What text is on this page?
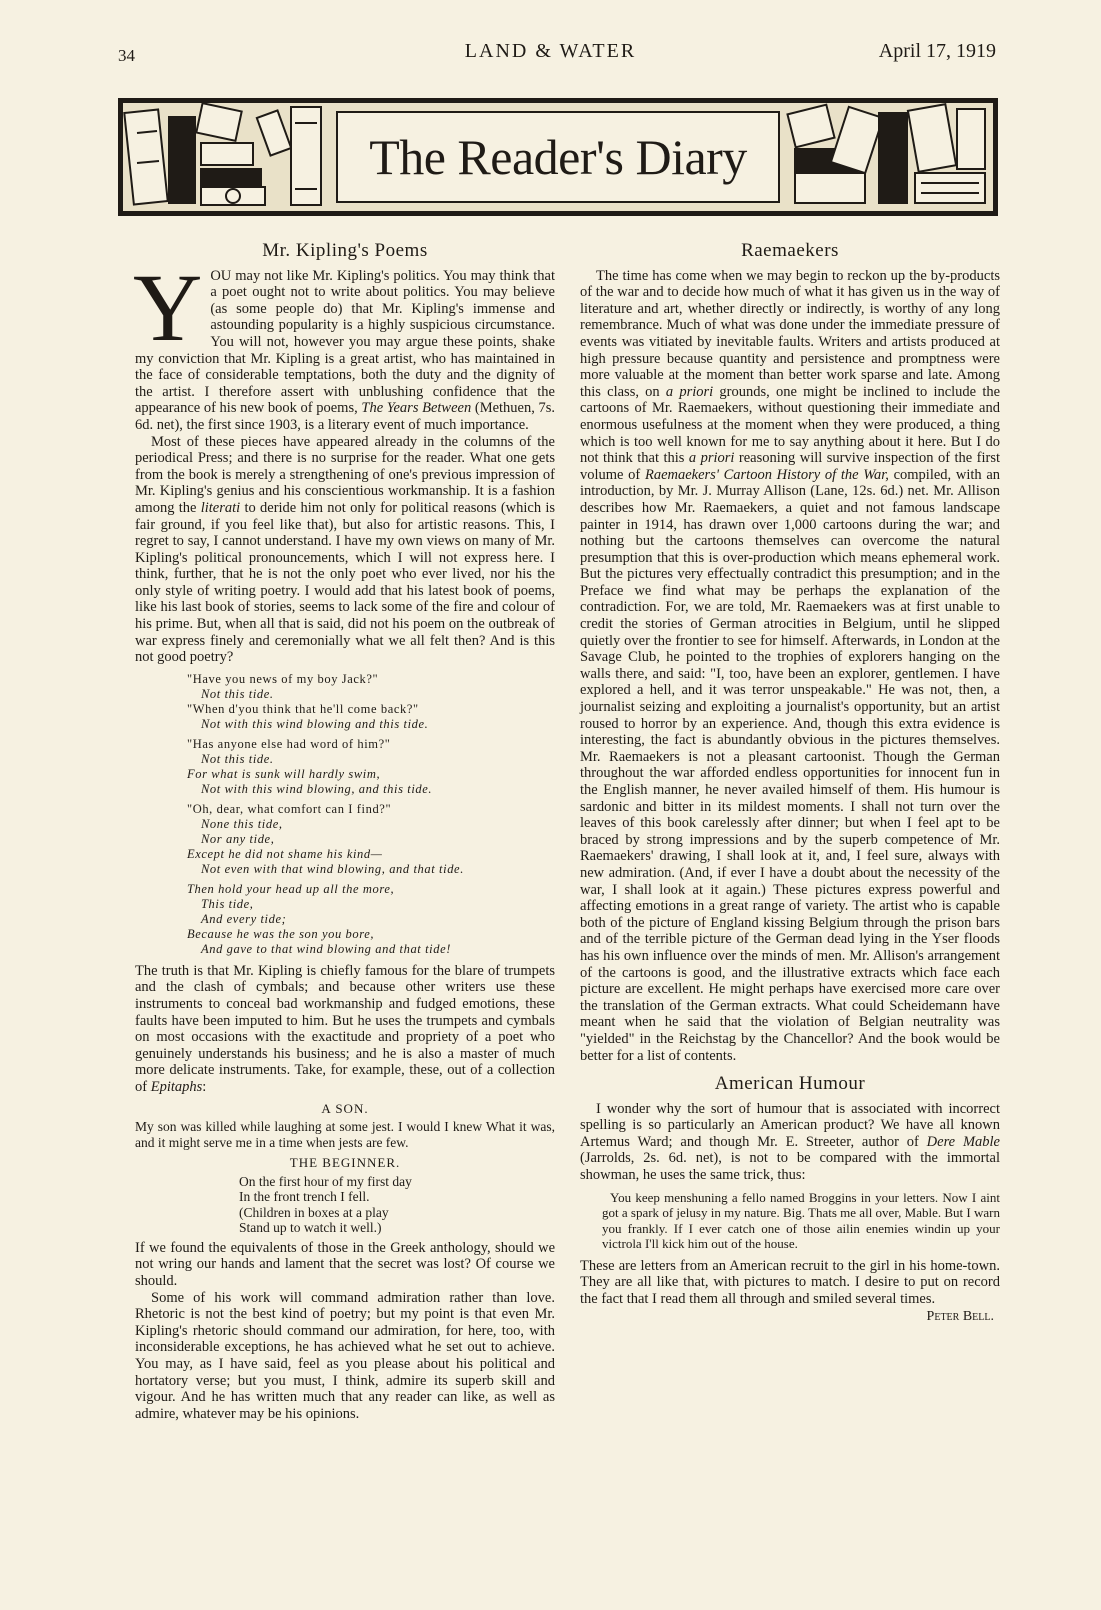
34	LAND & WATER	April 17, 1919
The Reader's Diary
Mr. Kipling's Poems
Y OU may not like Mr. Kipling's politics. You may think that a poet ought not to write about politics. You may believe (as some people do) that Mr. Kipling's immense and astounding popularity is a highly suspicious circumstance. You will not, however you may argue these points, shake my conviction that Mr. Kipling is a great artist, who has maintained in the face of considerable temptations, both the duty and the dignity of the artist. I therefore assert with unblushing confidence that the appearance of his new book of poems, The Years Between (Methuen, 7s. 6d. net), the first since 1903, is a literary event of much importance.

Most of these pieces have appeared already in the columns of the periodical Press; and there is no surprise for the reader. What one gets from the book is merely a strengthening of one's previous impression of Mr. Kipling's genius and his conscientious workmanship. It is a fashion among the literati to deride him not only for political reasons (which is fair ground, if you feel like that), but also for artistic reasons. This, I regret to say, I cannot understand. I have my own views on many of Mr. Kipling's political pronouncements, which I will not express here. I think, further, that he is not the only poet who ever lived, nor his the only style of writing poetry. I would add that his latest book of poems, like his last book of stories, seems to lack some of the fire and colour of his prime. But, when all that is said, did not his poem on the outbreak of war express finely and ceremonially what we all felt then? And is this not good poetry?

"Have you news of my boy Jack?"
Not this tide.
"When d'you think that he'll come back?"
Not with this wind blowing and this tide.
"Has anyone else had word of him?"
Not this tide.
For what is sunk will hardly swim,
Not with this wind blowing, and this tide.
"Oh, dear, what comfort can I find?"
None this tide,
Nor any tide,
Except he did not shame his kind—
Not even with that wind blowing, and that tide.
Then hold your head up all the more,
This tide,
And every tide;
Because he was the son you bore,
And gave to that wind blowing and that tide!

The truth is that Mr. Kipling is chiefly famous for the blare of trumpets and the clash of cymbals; and because other writers use these instruments to conceal bad workmanship and fudged emotions, these faults have been imputed to him. But he uses the trumpets and cymbals on most occasions with the exactitude and propriety of a poet who genuinely understands his business; and he is also a master of much more delicate instruments. Take, for example, these, out of a collection of Epitaphs:

A SON.

My son was killed while laughing at some jest. I would I knew What it was, and it might serve me in a time when jests are few.

THE BEGINNER.
On the first hour of my first day
In the front trench I fell.
(Children in boxes at a play
Stand up to watch it well.)

If we found the equivalents of those in the Greek anthology, should we not wring our hands and lament that the secret was lost? Of course we should.

Some of his work will command admiration rather than love. Rhetoric is not the best kind of poetry; but my point is that even Mr. Kipling's rhetoric should command our admiration, for here, too, with inconsiderable exceptions, he has achieved what he set out to achieve. You may, as I have said, feel as you please about his political and hortatory verse; but you must, I think, admire its superb skill and vigour. And he has written much that any reader can like, as well as admire, whatever may be his opinions.

Raemaekers

The time has come when we may begin to reckon up the by-products of the war and to decide how much of what it has given us in the way of literature and art, whether directly or indirectly, is worthy of any long remembrance. Much of what was done under the immediate pressure of events was vitiated by inevitable faults. Writers and artists produced at high pressure because quantity and persistence and promptness were more valuable at the moment than better work sparse and late. Among this class, on a priori grounds, one might be inclined to include the cartoons of Mr. Raemaekers, without questioning their immediate and enormous usefulness at the moment when they were produced, a thing which is too well known for me to say anything about it here. But I do not think that this a priori reasoning will survive inspection of the first volume of Raemaekers' Cartoon History of the War, compiled, with an introduction, by Mr. J. Murray Allison (Lane, 12s. 6d.) net. Mr. Allison describes how Mr. Raemaekers, a quiet and not famous landscape painter in 1914, has drawn over 1,000 cartoons during the war; and nothing but the cartoons themselves can overcome the natural presumption that this is over-production which means ephemeral work. But the pictures very effectually contradict this presumption; and in the Preface we find what may be perhaps the explanation of the contradiction. For, we are told, Mr. Raemaekers was at first unable to credit the stories of German atrocities in Belgium, until he slipped quietly over the frontier to see for himself. Afterwards, in London at the Savage Club, he pointed to the trophies of explorers hanging on the walls there, and said: "I, too, have been an explorer, gentlemen. I have explored a hell, and it was terror unspeakable." He was not, then, a journalist seizing and exploiting a journalist's opportunity, but an artist roused to horror by an experience. And, though this extra evidence is interesting, the fact is abundantly obvious in the pictures themselves. Mr. Raemaekers is not a pleasant cartoonist. Though the German throughout the war afforded endless opportunities for innocent fun in the English manner, he never availed himself of them. His humour is sardonic and bitter in its mildest moments. I shall not turn over the leaves of this book carelessly after dinner; but when I feel apt to be braced by strong impressions and by the superb competence of Mr. Raemaekers' drawing, I shall look at it, and, I feel sure, always with new admiration. (And, if ever I have a doubt about the necessity of the war, I shall look at it again.) These pictures express powerful and affecting emotions in a great range of variety. The artist who is capable both of the picture of England kissing Belgium through the prison bars and of the terrible picture of the German dead lying in the Yser floods has his own influence over the minds of men. Mr. Allison's arrangement of the cartoons is good, and the illustrative extracts which face each picture are excellent. He might perhaps have exercised more care over the translation of the German extracts. What could Scheidemann have meant when he said that the violation of Belgian neutrality was "yielded" in the Reichstag by the Chancellor? And the book would be better for a list of contents.

American Humour

I wonder why the sort of humour that is associated with incorrect spelling is so particularly an American product? We have all known Artemus Ward; and though Mr. E. Streeter, author of Dere Mable (Jarrolds, 2s. 6d. net), is not to be compared with the immortal showman, he uses the same trick, thus:

You keep menshuning a fello named Broggins in your letters. Now I aint got a spark of jelusy in my nature. Big. Thats me all over, Mable. But I warn you frankly. If I ever catch one of those ailin enemies windin up your victrola I'll kick him out of the house.

These are letters from an American recruit to the girl in his home-town. They are all like that, with pictures to match. I desire to put on record the fact that I read them all through and smiled several times.

Peter Bell.
